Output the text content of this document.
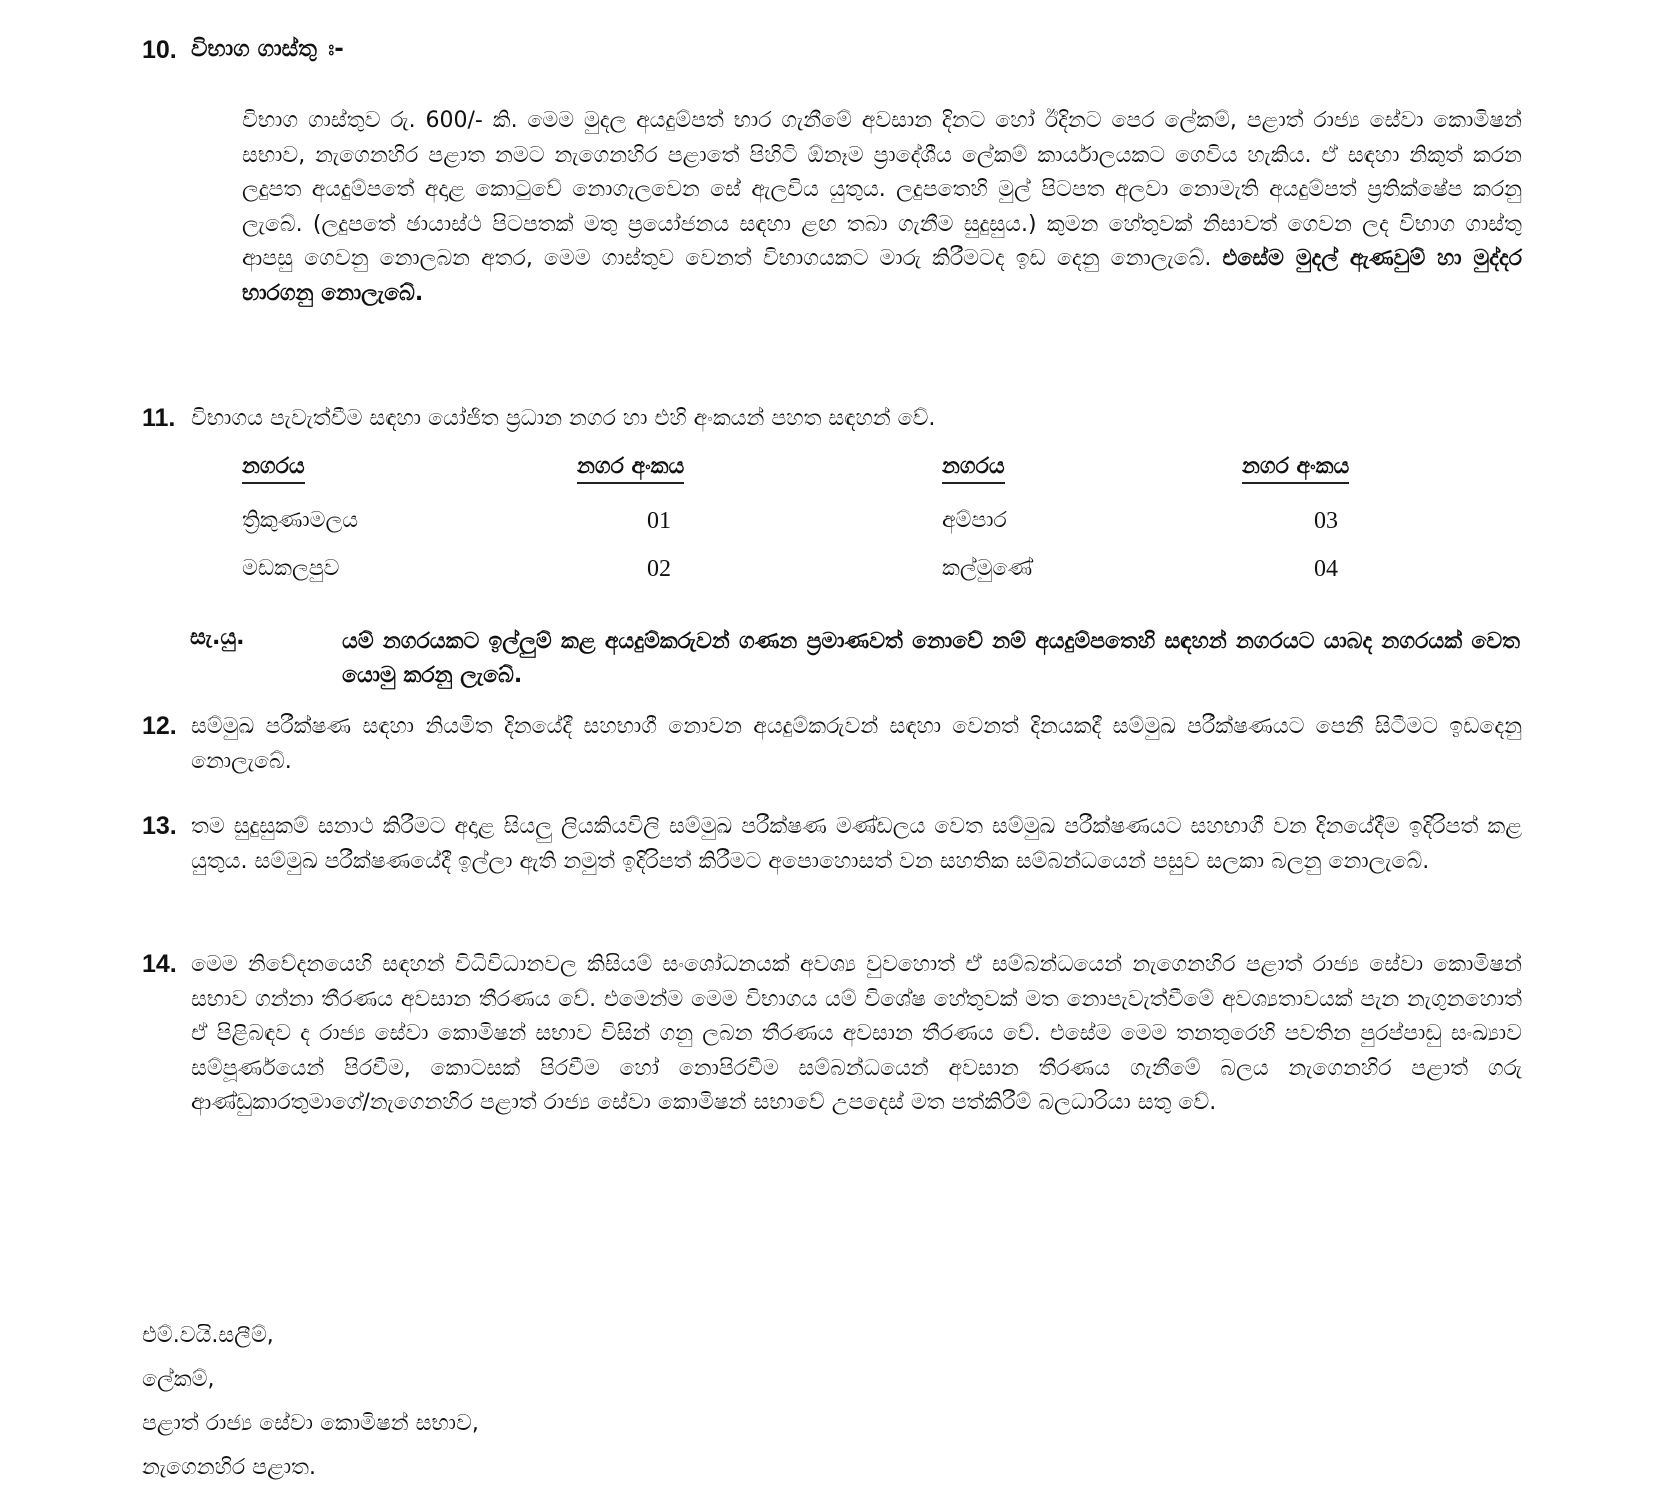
10. විභාග ගාස්තු ඃ-
විභාග ගාස්තුව රු. 600/- කි. මෙම මුදල අයදුම්පත් භාර ගැනීමේ අවසාන දිනට හෝ ඊදිනට පෙර ලේකම්, පළාත් රාජ්‍ය සේවා කොමිෂන් සභාව, නැගෙනහිර පළාත නමට නැගෙනහිර පළාතේ පිහිටි ඕනෑම ප්‍රාදේශීය ලේකම් කාර්යාලයකට ගෙවිය හැකිය. ඒ සඳහා නිකුත් කරන ලදුපත අයදුම්පතේ අදාළ කොටුවේ නොගැලවෙන සේ ඇලවිය යුතුය. ලදුපතෙහි මුල් පිටපත අලවා නොමැති අයදුම්පත් ප්‍රතික්ෂේප කරනු ලැබේ. (ලදුපතේ ඡායාස්ථ පිටපතක් මතු ප්‍රයෝජනය සඳහා ළඟ තබා ගැනීම සුදුසුය.) කුමන හේතුවක් නිසාවත් ගෙවන ලද විභාග ගාස්තු ආපසු ගෙවනු නොලබන අතර, මෙම ගාස්තුව වෙනත් විභාගයකට මාරු කිරීමටද ඉඩ දෙනු නොලැබේ. එසේම මුදල් ඇණවුම් හා මුද්දර භාරගනු නොලැබේ.
11. විභාගය පැවැත්වීම සඳහා යෝජිත ප්‍රධාන නගර හා එහි අංකයන් පහත සඳහන් වේ.
නගරය	නගර අංකය	නගරය	නගර අංකය
ත්‍රිකුණාමලය	01	අම්පාර	03
මඩකලපුව	02	කල්මුණේ	04
සැ.යු.	යම් නගරයකට ඉල්ලුම් කළ අයදුම්කරුවන් ගණන ප්‍රමාණවත් නොවේ නම් අයදුම්පතෙහි සඳහන් නගරයට යාබද නගරයක් වෙත යොමු කරනු ලැබේ.
12. සම්මුඛ පරීක්ෂණ සඳහා නියමිත දිනයේදී සහභාගී නොවන අයදුම්කරුවන් සඳහා වෙනත් දිනයකදී සම්මුඛ පරීක්ෂණයට පෙනී සිටීමට ඉඩදෙනු නොලැබේ.
13. තම සුදුසුකම් සනාථ කිරීමට අදාළ සියලු ලියකියවිලි සම්මුඛ පරීක්ෂණ මණ්ඩලය වෙත සම්මුඛ පරීක්ෂණයට සහභාගී වන දිනයේදීම ඉදිරිපත් කළ යුතුය. සම්මුඛ පරීක්ෂණයේදී ඉල්ලා ඇති නමුත් ඉදිරිපත් කිරීමට අපොහොසත් වන සහතික සම්බන්ධයෙන් පසුව සලකා බලනු නොලැබේ.
14. මෙම නිවේදනයෙහි සඳහන් විධිවිධානවල කිසියම් සංශෝධනයක් අවශ්‍ය වුවහොත් ඒ සම්බන්ධයෙන් නැගෙනහිර පළාත් රාජ්‍ය සේවා කොමිෂන් සභාව ගන්නා තීරණය අවසාන තීරණය වේ. එමෙන්ම මෙම විභාගය යම් විශේෂ හේතුවක් මත නොපැවැත්වීමේ අවශ්‍යතාවයක් පැන නැගුනහොත් ඒ පිළිබඳව ද රාජ්‍ය සේවා කොමිෂන් සභාව විසින් ගනු ලබන තීරණය අවසාන තීරණය වේ. එසේම මෙම තනතුරෙහි පවතින පුරප්පාඩු සංඛ්‍යාව සම්පූර්ණයෙන් පිරවීම, කොටසක් පිරවීම හෝ නොපිරවීම සම්බන්ධයෙන් අවසාන තීරණය ගැනීමේ බලය නැගෙනහිර පළාත් ගරු ආණ්ඩුකාරතුමාගේ/නැගෙනහිර පළාත් රාජ්‍ය සේවා කොමිෂන් සභාවේ උපදෙස් මත පත්කිරීම් බලධාරියා සතු වේ.
එම්.වයි.සලීම්,
ලේකම්,
පළාත් රාජ්‍ය සේවා කොමිෂන් සභාව,
නැගෙනහිර පළාත.
